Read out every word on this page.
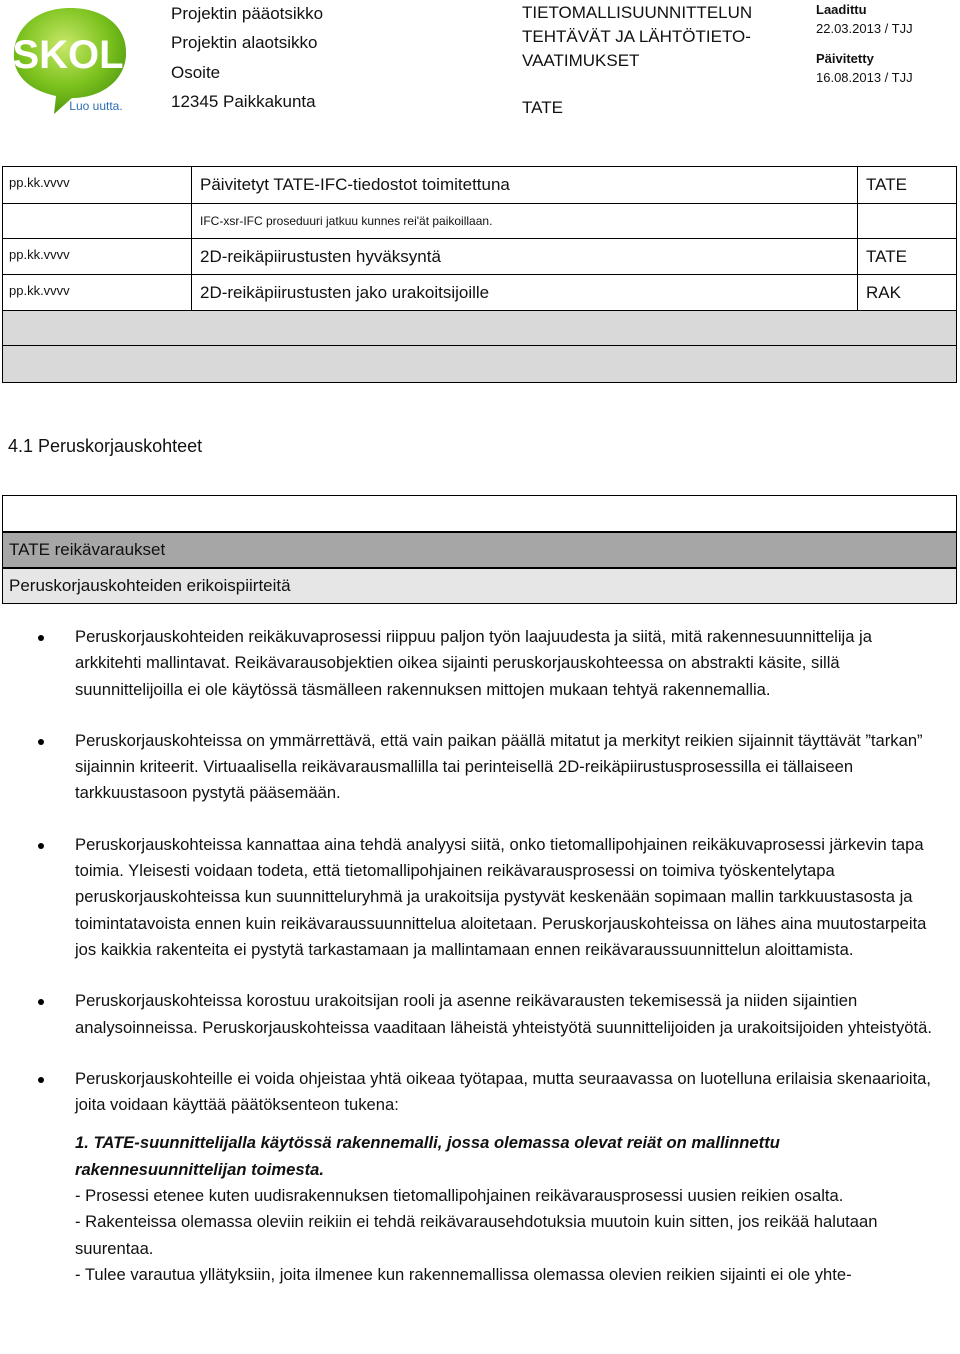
SKOL
Luo uutta.
Projektin pääotsikko
Projektin alaotsikko
Osoite
12345 Paikkakunta
TIETOMALLISUUNNITTELUN
TEHTÄVÄT JA LÄHTÖTIETO-
VAATIMUKSET
TATE
Laadittu
22.03.2013 / TJJ
Päivitetty
16.08.2013 / TJJ
pp.kk.vvvv	Päivitetyt TATE-IFC-tiedostot toimitettuna	TATE
	IFC-xsr-IFC proseduuri jatkuu kunnes rei'ät paikoillaan.	
pp.kk.vvvv	2D-reikäpiirustusten hyväksyntä	TATE
pp.kk.vvvv	2D-reikäpiirustusten jako urakoitsijoille	RAK

4.1 Peruskorjauskohteet
TATE reikävaraukset
Peruskorjauskohteiden erikoispiirteitä
Peruskorjauskohteiden reikäkuvaprosessi riippuu paljon työn laajuudesta ja siitä, mitä rakennesuunnittelija ja arkkitehti mallintavat. Reikävarausobjektien oikea sijainti peruskorjauskohteessa on abstrakti käsite, sillä suunnittelijoilla ei ole käytössä täsmälleen rakennuksen mittojen mukaan tehtyä rakennemallia.
Peruskorjauskohteissa on ymmärrettävä, että vain paikan päällä mitatut ja merkityt reikien sijainnit täyttävät ”tarkan” sijainnin kriteerit. Virtuaalisella reikävarausmallilla tai perinteisellä 2D-reikäpiirustusprosessilla ei tällaiseen tarkkuustasoon pystytä pääsemään.
Peruskorjauskohteissa kannattaa aina tehdä analyysi siitä, onko tietomallipohjainen reikäkuvaprosessi järkevin tapa toimia. Yleisesti voidaan todeta, että tietomallipohjainen reikävarausprosessi on toimiva työskentelytapa peruskorjauskohteissa kun suunnitteluryhmä ja urakoitsija pystyvät keskenään sopimaan mallin tarkkuustasosta ja toimintatavoista ennen kuin reikävaraussuunnittelua aloitetaan. Peruskorjauskohteissa on lähes aina muutostarpeita jos kaikkia rakenteita ei pystytä tarkastamaan ja mallintamaan ennen reikävaraussuunnittelun aloittamista.
Peruskorjauskohteissa korostuu urakoitsijan rooli ja asenne reikävarausten tekemisessä ja niiden sijaintien analysoinneissa. Peruskorjauskohteissa vaaditaan läheistä yhteistyötä suunnittelijoiden ja urakoitsijoiden yhteistyötä.
Peruskorjauskohteille ei voida ohjeistaa yhtä oikeaa työtapaa, mutta seuraavassa on luotelluna erilaisia skenaarioita, joita voidaan käyttää päätöksenteon tukena:
1. TATE-suunnittelijalla käytössä rakennemalli, jossa olemassa olevat reiät on mallinnettu rakennesuunnittelijan toimesta.
- Prosessi etenee kuten uudisrakennuksen tietomallipohjainen reikävarausprosessi uusien reikien osalta.
- Rakenteissa olemassa oleviin reikiin ei tehdä reikävarausehdotuksia muutoin kuin sitten, jos reikää halutaan suurentaa.
- Tulee varautua yllätyksiin, joita ilmenee kun rakennemallissa olemassa olevien reikien sijainti ei ole yhte-
